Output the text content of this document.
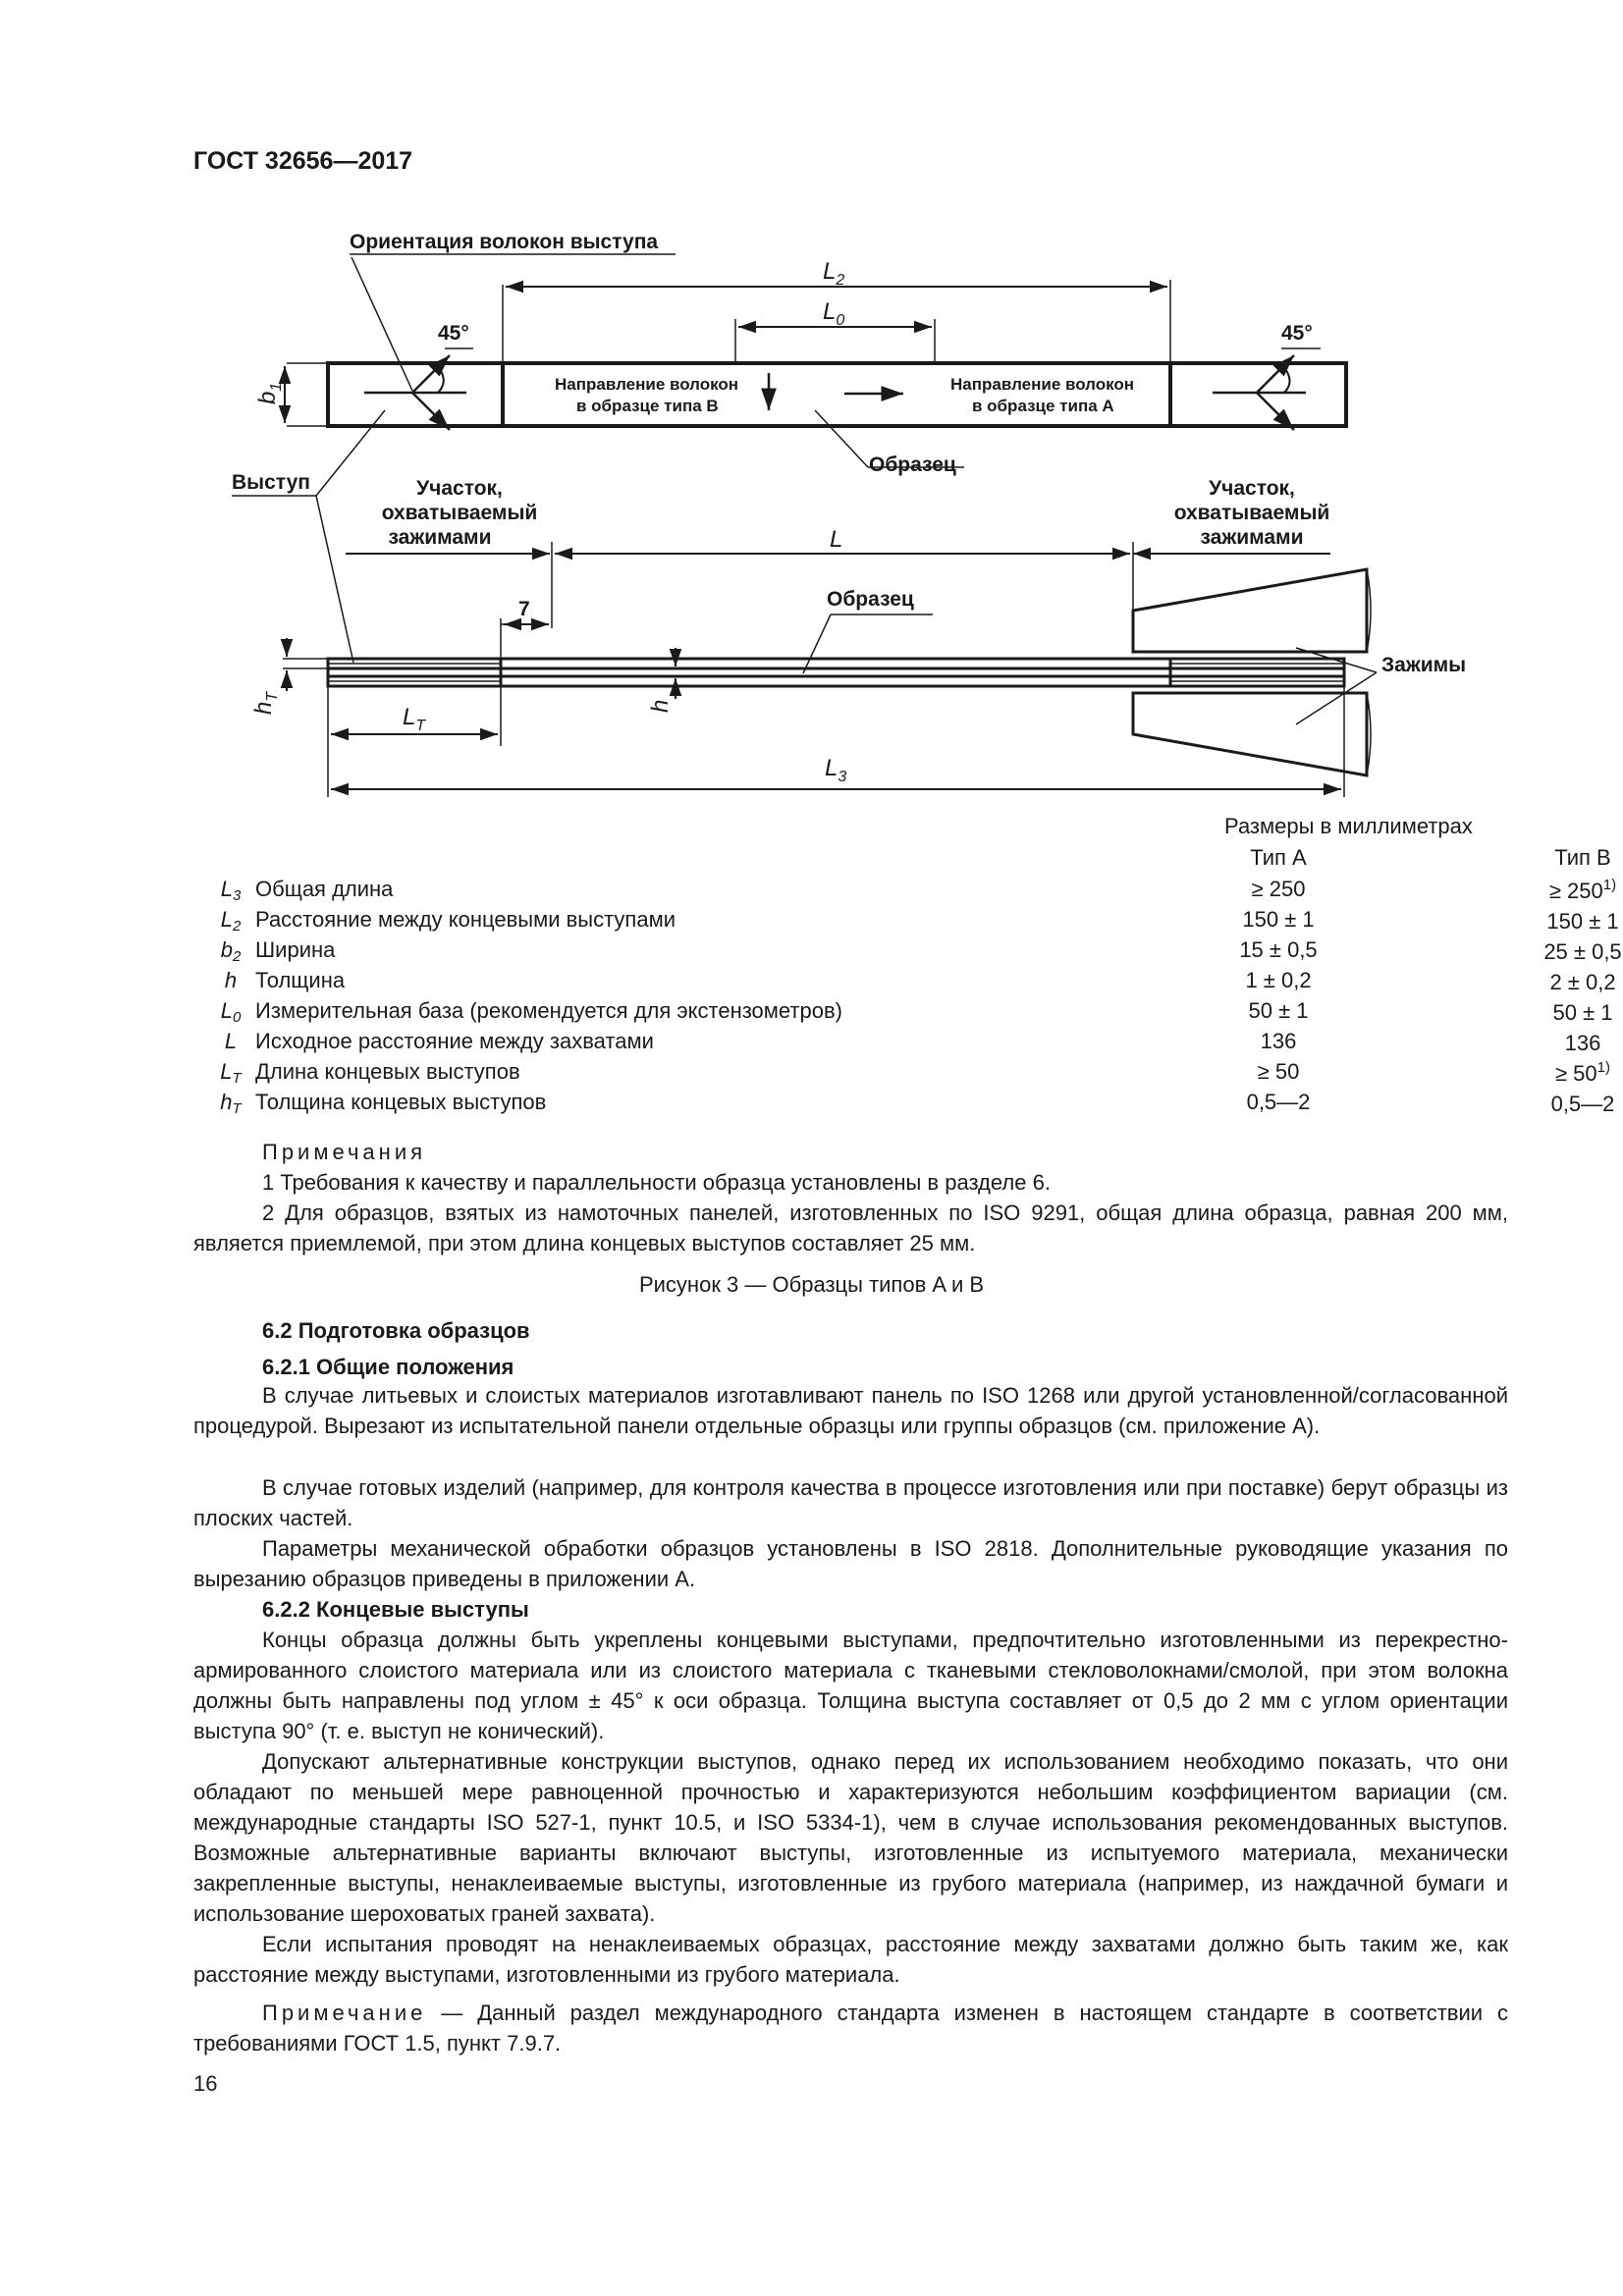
ГОСТ 32656—2017
Ориентация волокон выступа
45°	45°
$L_2$
$L_0$
$b_1$	Направление волокон
в образце типа B
Направление волокон
в образце типа A
Образец
Выступ	Участок,
охватываемый
зажимами
Участок,
охватываемый
зажимами
L
7	Образец
Зажимы
$h_T$
h
$L_T$
$L_3$
Размеры в миллиметрах
Тип A	Тип B
$L_3$ Общая длина	≥ 250	≥ $250^{1)}$
$L_2$ Расстояние между концевыми выступами	150 ± 1	150 ± 1
$b_2$ Ширина	15 ± 0,5	25 ± 0,5
h Толщина	1 ± 0,2	2 ± 0,2
$L_0$ Измерительная база (рекомендуется для экстензометров)	50 ± 1	50 ± 1
L Исходное расстояние между захватами	136	136
$L_T$ Длина концевых выступов	≥ 50	≥ $50^{1)}$
$h_T$ Толщина концевых выступов	0,5—2	0,5—2
Примечания
1 Требования к качеству и параллельности образца установлены в разделе 6.
2 Для образцов, взятых из намоточных панелей, изготовленных по ISO 9291, общая длина образца, равная 200 мм, является приемлемой, при этом длина концевых выступов составляет 25 мм.
Рисунок 3 — Образцы типов A и B
6.2 Подготовка образцов
6.2.1 Общие положения
В случае литьевых и слоистых материалов изготавливают панель по ISO 1268 или другой установленной/согласованной процедурой. Вырезают из испытательной панели отдельные образцы или группы образцов (см. приложение A).
В случае готовых изделий (например, для контроля качества в процессе изготовления или при поставке) берут образцы из плоских частей.
Параметры механической обработки образцов установлены в ISO 2818. Дополнительные руководящие указания по вырезанию образцов приведены в приложении A.
6.2.2 Концевые выступы
Концы образца должны быть укреплены концевыми выступами, предпочтительно изготовленными из перекрестно-армированного слоистого материала или из слоистого материала с тканевыми стекловолокнами/смолой, при этом волокна должны быть направлены под углом ± 45° к оси образца. Толщина выступа составляет от 0,5 до 2 мм с углом ориентации выступа 90° (т. е. выступ не конический).
Допускают альтернативные конструкции выступов, однако перед их использованием необходимо показать, что они обладают по меньшей мере равноценной прочностью и характеризуются небольшим коэффициентом вариации (см. международные стандарты ISO 527-1, пункт 10.5, и ISO 5334-1), чем в случае использования рекомендованных выступов. Возможные альтернативные варианты включают выступы, изготовленные из испытуемого материала, механически закрепленные выступы, ненаклеиваемые выступы, изготовленные из грубого материала (например, из наждачной бумаги и использование шероховатых граней захвата).
Если испытания проводят на ненаклеиваемых образцах, расстояние между захватами должно быть таким же, как расстояние между выступами, изготовленными из грубого материала.
Примечание — Данный раздел международного стандарта изменен в настоящем стандарте в соответствии с требованиями ГОСТ 1.5, пункт 7.9.7.
16
